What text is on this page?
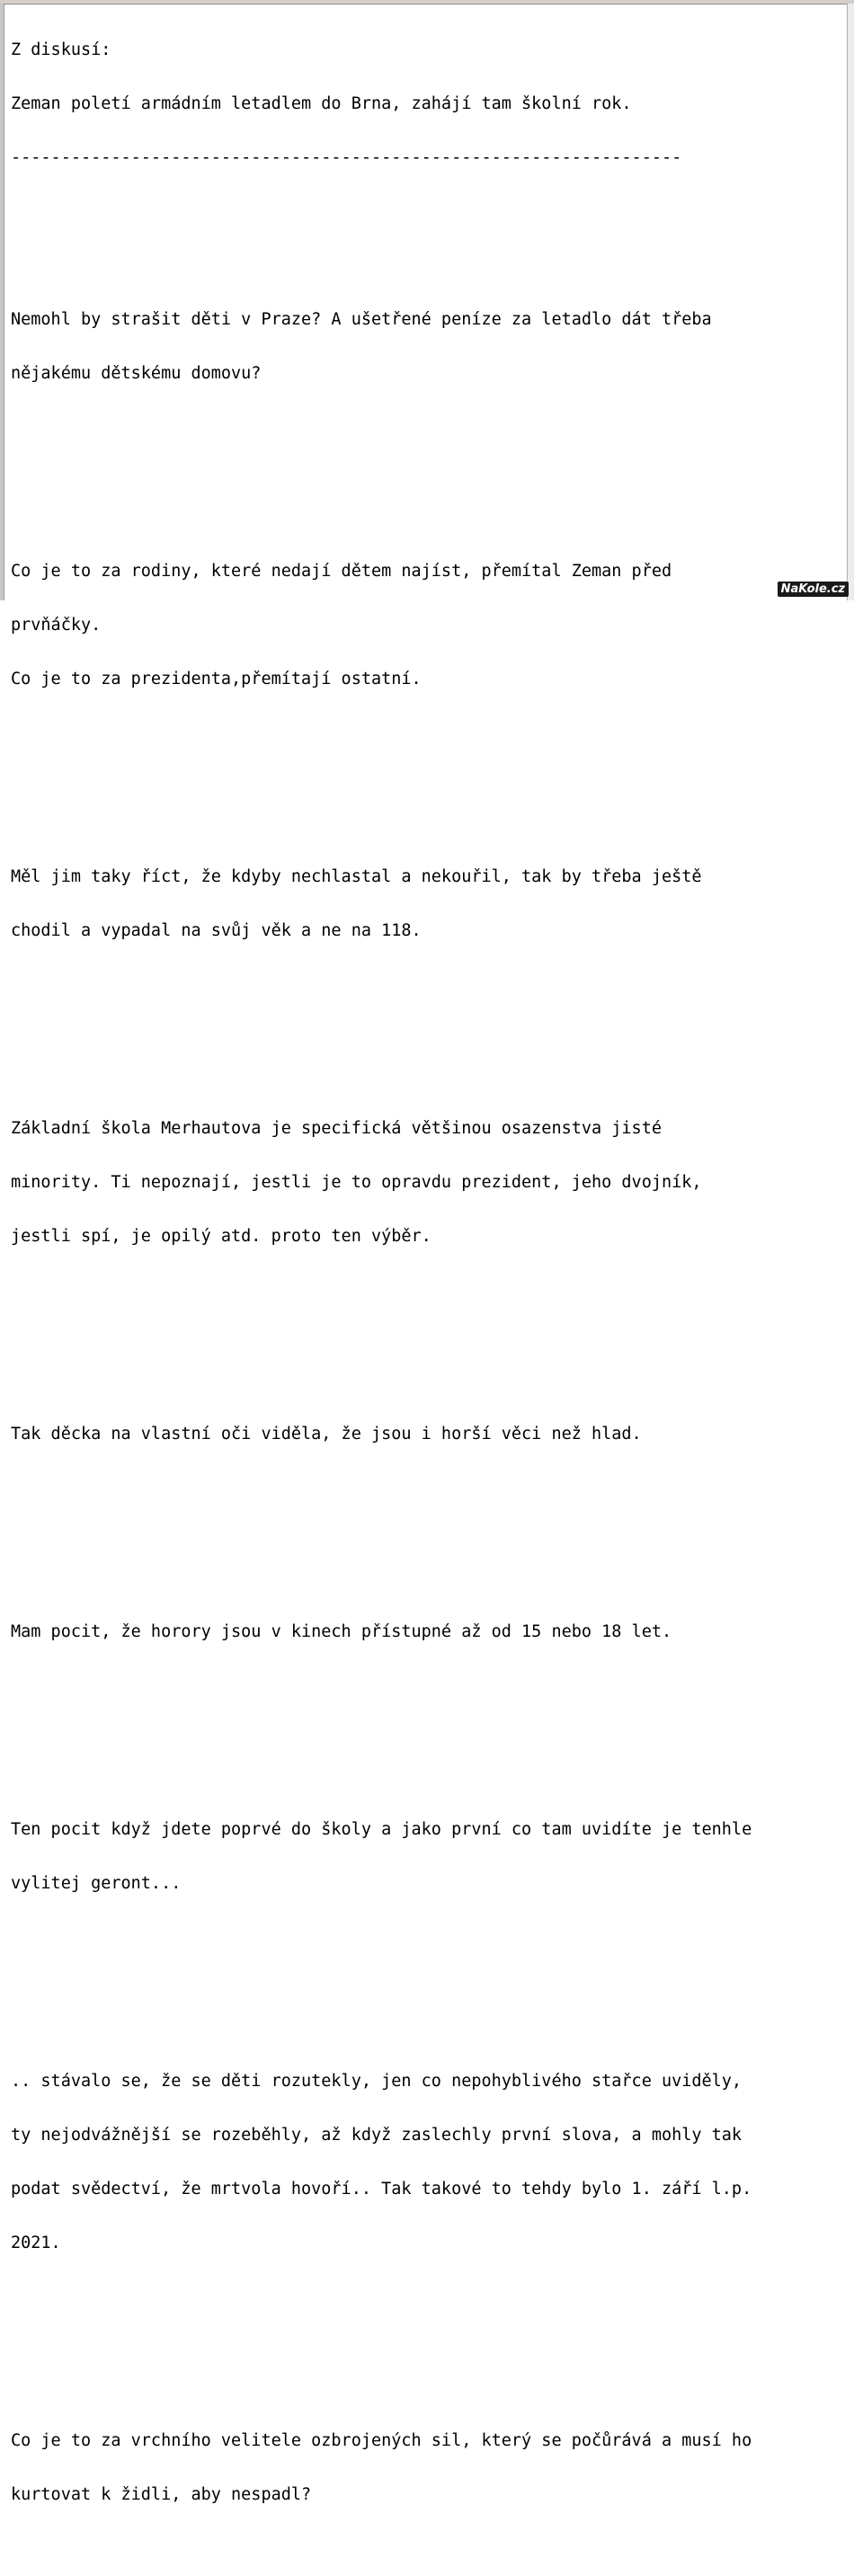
Z diskusí:

Zeman poletí armádním letadlem do Brna, zahájí tam školní rok.

-------------------------------------------------------------------

Nemohl by strašit děti v Praze? A ušetřené peníze za letadlo dát třeba

nějakému dětskému domovu?

Co je to za rodiny, které nedají dětem najíst, přemítal Zeman před

prvňáčky.

Co je to za prezidenta,přemítají ostatní.

Měl jim taky říct, že kdyby nechlastal a nekouřil, tak by třeba ještě

chodil a vypadal na svůj věk a ne na 118.

Základní škola Merhautova je specifická většinou osazenstva jisté

minority. Ti nepoznají, jestli je to opravdu prezident, jeho dvojník,

jestli spí, je opilý atd. proto ten výběr.

Tak děcka na vlastní oči viděla, že jsou i horší věci než hlad.

Mam pocit, že horory jsou v kinech přístupné až od 15 nebo 18 let.

Ten pocit když jdete poprvé do školy a jako první co tam uvidíte je tenhle

vylitej geront...

.. stávalo se, že se děti rozutekly, jen co nepohyblivého stařce uviděly,

ty nejodvážnější se rozeběhly, až když zaslechly první slova, a mohly tak

podat svědectví, že mrtvola hovoří.. Tak takové to tehdy bylo 1. září l.p.

2021.

Co je to za vrchního velitele ozbrojených sil, který se počůrává a musí ho

kurtovat k židli, aby nespadl?

NaKole.cz
